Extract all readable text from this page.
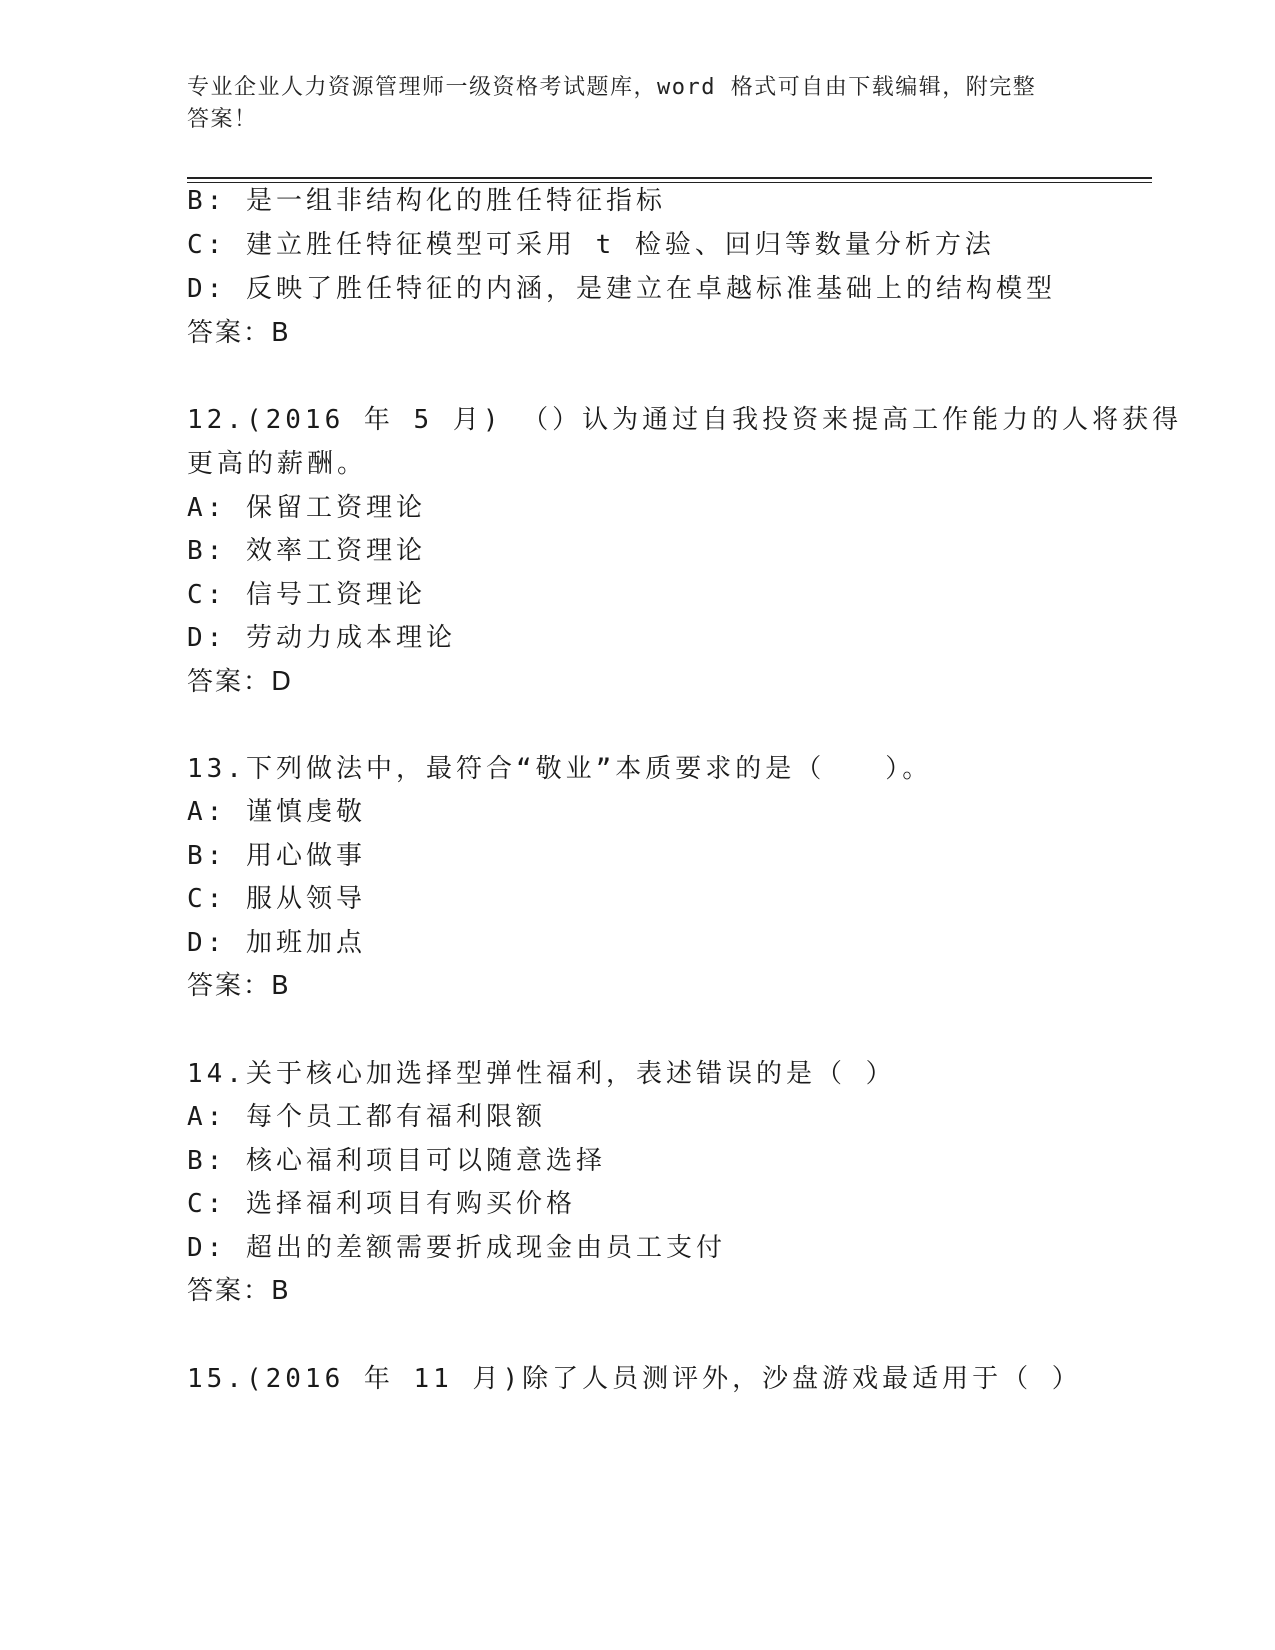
专业企业人力资源管理师一级资格考试题库，word 格式可自由下载编辑，附完整
答案！
B: 是一组非结构化的胜任特征指标
C: 建立胜任特征模型可采用 t 检验、回归等数量分析方法
D: 反映了胜任特征的内涵，是建立在卓越标准基础上的结构模型
答案：B
12.(2016 年 5 月) （）认为通过自我投资来提高工作能力的人将获得
更高的薪酬。
A: 保留工资理论
B: 效率工资理论
C: 信号工资理论
D: 劳动力成本理论
答案：D
13.下列做法中，最符合“敬业”本质要求的是（　　）。
A: 谨慎虔敬
B: 用心做事
C: 服从领导
D: 加班加点
答案：B
14.关于核心加选择型弹性福利，表述错误的是（ ）
A: 每个员工都有福利限额
B: 核心福利项目可以随意选择
C: 选择福利项目有购买价格
D: 超出的差额需要折成现金由员工支付
答案：B
15.(2016 年 11 月)除了人员测评外，沙盘游戏最适用于（ ）
